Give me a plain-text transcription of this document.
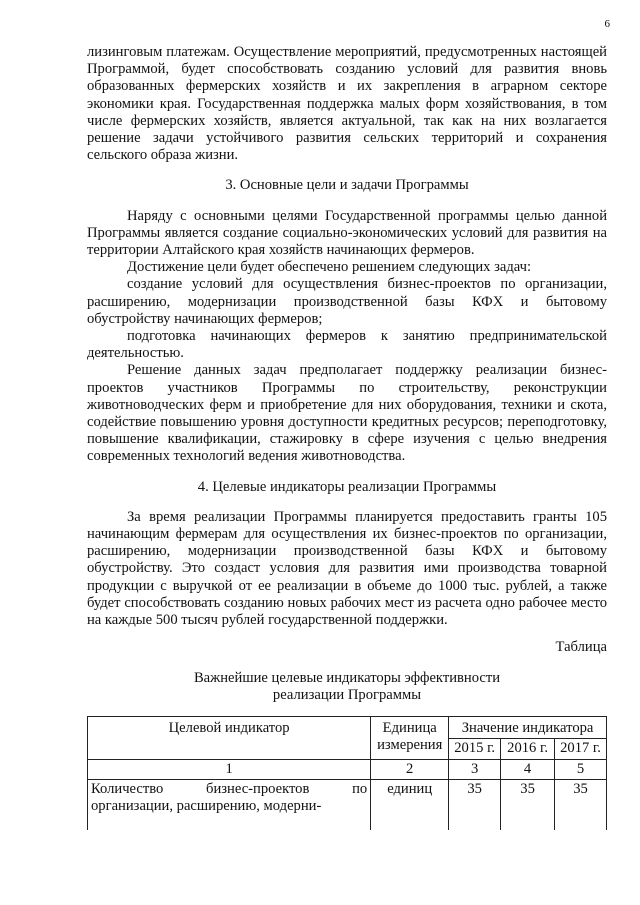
6

лизинговым платежам. Осуществление мероприятий, предусмотренных настоящей Программой, будет способствовать созданию условий для развития вновь образованных фермерских хозяйств и их закрепления в аграрном секторе экономики края. Государственная поддержка малых форм хозяйствования, в том числе фермерских хозяйств, является актуальной, так как на них возлагается решение задачи устойчивого развития сельских территорий и сохранения сельского образа жизни.

3. Основные цели и задачи Программы

Наряду с основными целями Государственной программы целью данной Программы является создание социально-экономических условий для развития на территории Алтайского края хозяйств начинающих фермеров.

Достижение цели будет обеспечено решением следующих задач:

создание условий для осуществления бизнес-проектов по организации, расширению, модернизации производственной базы КФХ и бытовому обустройству начинающих фермеров;

подготовка начинающих фермеров к занятию предпринимательской деятельностью.

Решение данных задач предполагает поддержку реализации бизнес-проектов участников Программы по строительству, реконструкции животноводческих ферм и приобретение для них оборудования, техники и скота, содействие повышению уровня доступности кредитных ресурсов; переподготовку, повышение квалификации, стажировку в сфере изучения с целью внедрения современных технологий ведения животноводства.

4. Целевые индикаторы реализации Программы

За время реализации Программы планируется предоставить гранты 105 начинающим фермерам для осуществления их бизнес-проектов по организации, расширению, модернизации производственной базы КФХ и бытовому обустройству. Это создаст условия для развития ими производства товарной продукции с выручкой от ее реализации в объеме до 1000 тыс. рублей, а также будет способствовать созданию новых рабочих мест из расчета одно рабочее место на каждые 500 тысяч рублей государственной поддержки.

Таблица
Важнейшие целевые индикаторы эффективности
реализации Программы
Целевой индикатор	Единица измерения	Значение индикатора		
		2015 г.	2016 г.	2017 г.
1	2	3	4	5
Количество бизнес-проектов по организации, расширению, модерни-	единиц	35	35	35
